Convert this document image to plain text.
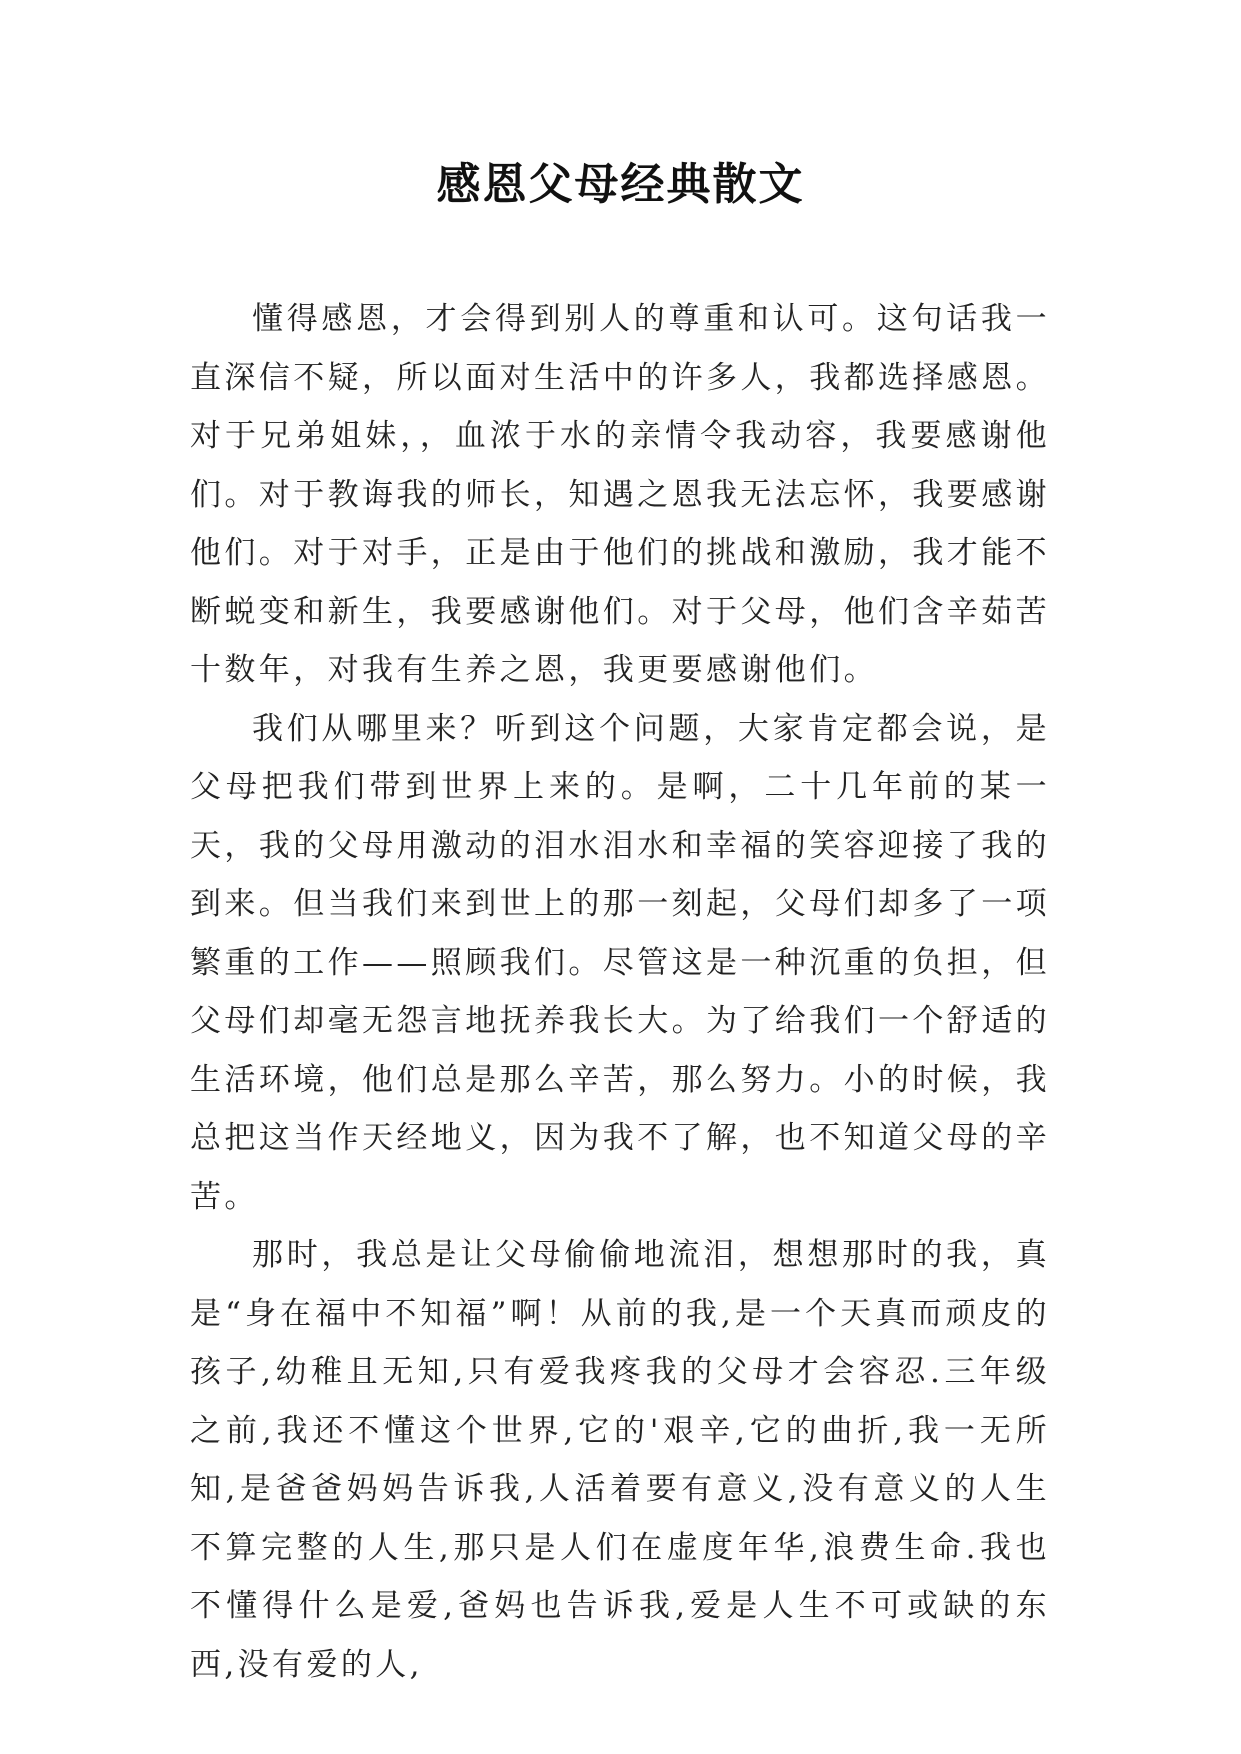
感恩父母经典散文

懂得感恩，才会得到别人的尊重和认可。这句话我一直深信不疑，所以面对生活中的许多人，我都选择感恩。对于兄弟姐妹，，血浓于水的亲情令我动容，我要感谢他们。对于教诲我的师长，知遇之恩我无法忘怀，我要感谢他们。对于对手，正是由于他们的挑战和激励，我才能不断蜕变和新生，我要感谢他们。对于父母，他们含辛茹苦十数年，对我有生养之恩，我更要感谢他们。

我们从哪里来？听到这个问题，大家肯定都会说，是父母把我们带到世界上来的。是啊，二十几年前的某一天，我的父母用激动的泪水泪水和幸福的笑容迎接了我的到来。但当我们来到世上的那一刻起，父母们却多了一项繁重的工作——照顾我们。尽管这是一种沉重的负担，但父母们却毫无怨言地抚养我长大。为了给我们一个舒适的生活环境，他们总是那么辛苦，那么努力。小的时候，我总把这当作天经地义，因为我不了解，也不知道父母的辛苦。

那时，我总是让父母偷偷地流泪，想想那时的我，真是“身在福中不知福”啊！从前的我,是一个天真而顽皮的孩子,幼稚且无知,只有爱我疼我的父母才会容忍.三年级之前,我还不懂这个世界,它的'艰辛,它的曲折,我一无所知,是爸爸妈妈告诉我,人活着要有意义,没有意义的人生不算完整的人生,那只是人们在虚度年华,浪费生命.我也不懂得什么是爱,爸妈也告诉我,爱是人生不可或缺的东西,没有爱的人,
